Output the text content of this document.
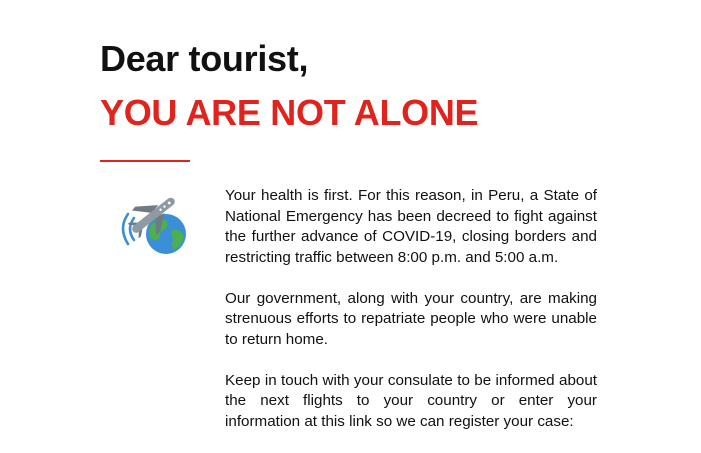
Dear tourist,
YOU ARE NOT ALONE

Your health is first. For this reason, in Peru, a State of National Emergency has been decreed to fight against the further advance of COVID-19, closing borders and restricting traffic between 8:00 p.m. and 5:00 a.m.

Our government, along with your country, are making strenuous efforts to repatriate people who were unable to return home.

Keep in touch with your consulate to be informed about the next flights to your country or enter your information at this link so we can register your case:
